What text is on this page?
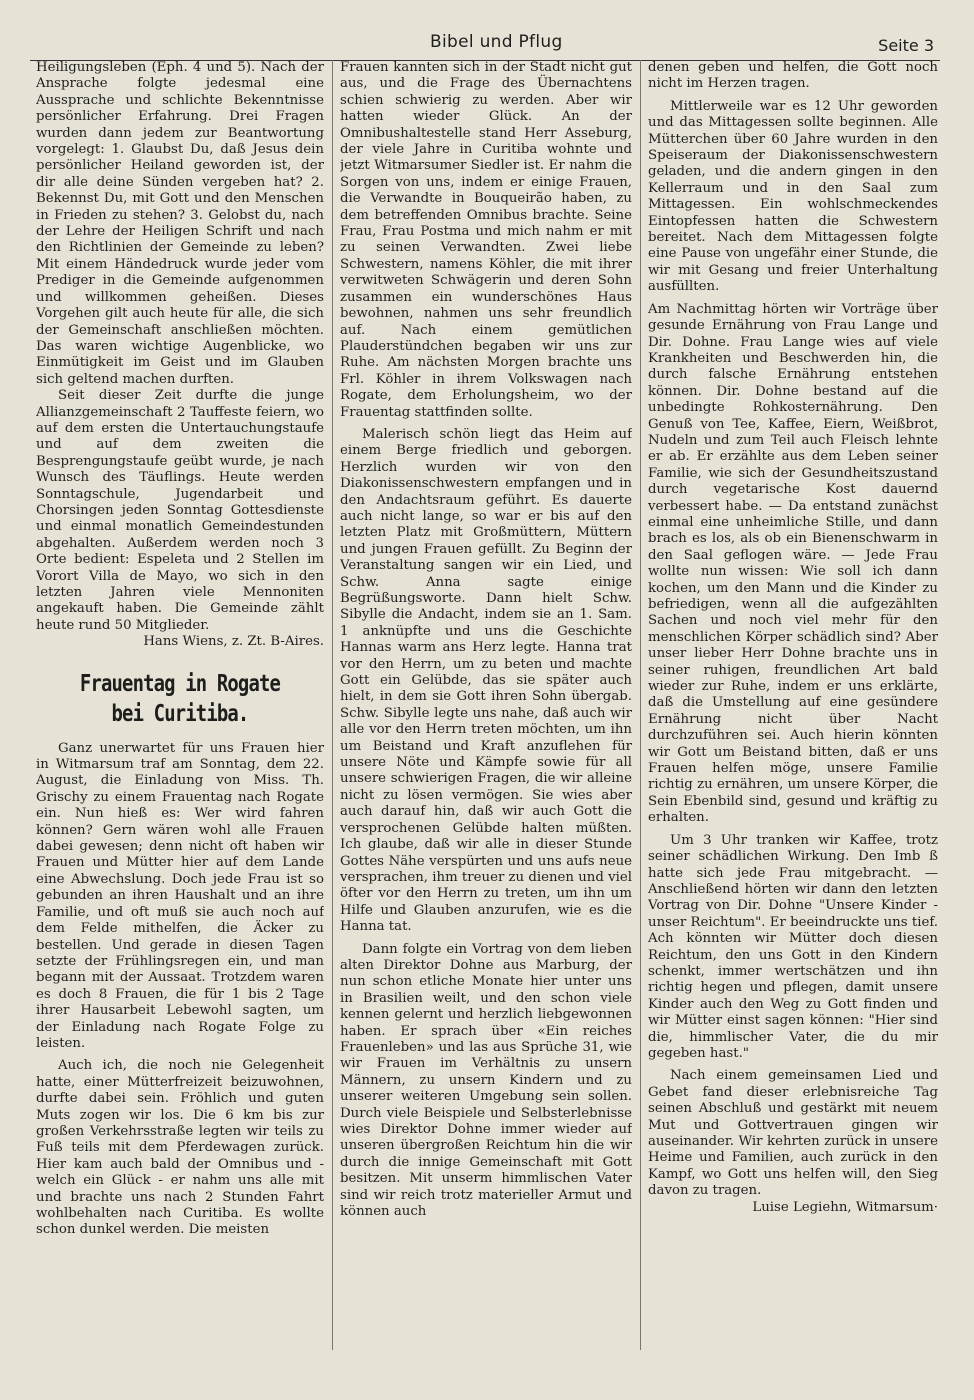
Bibel und Pflug	Seite 3

Heiligungsleben (Eph. 4 und 5). Nach der Ansprache folgte jedesmal eine Aussprache und schlichte Bekenntnisse persönlicher Erfahrung. Drei Fragen wurden dann jedem zur Beantwortung vorgelegt: 1. Glaubst Du, daß Jesus dein persönlicher Heiland geworden ist, der dir alle deine Sünden vergeben hat? 2. Bekennst Du, mit Gott und den Menschen in Frieden zu stehen? 3. Gelobst du, nach der Lehre der Heiligen Schrift und nach den Richtlinien der Gemeinde zu leben? Mit einem Händedruck wurde jeder vom Prediger in die Gemeinde aufgenommen und willkommen geheißen. Dieses Vorgehen gilt auch heute für alle, die sich der Gemeinschaft anschließen möchten. Das waren wichtige Augenblicke, wo Einmütigkeit im Geist und im Glauben sich geltend machen durften.

Seit dieser Zeit durfte die junge Allianzgemeinschaft 2 Tauffeste feiern, wo auf dem ersten die Untertauchungstaufe und auf dem zweiten die Besprengungstaufe geübt wurde, je nach Wunsch des Täuflings. Heute werden Sonntagschule, Jugendarbeit und Chorsingen jeden Sonntag Gottesdienste und einmal monatlich Gemeindestunden abgehalten. Außerdem werden noch 3 Orte bedient: Espeleta und 2 Stellen im Vorort Villa de Mayo, wo sich in den letzten Jahren viele Mennoniten angekauft haben. Die Gemeinde zählt heute rund 50 Mitglieder.

Hans Wiens, z. Zt. B-Aires.

Frauentag in Rogate bei Curitiba.

Ganz unerwartet für uns Frauen hier in Witmarsum traf am Sonntag, dem 22. August, die Einladung von Miss. Th. Grischy zu einem Frauentag nach Rogate ein. Nun hieß es: Wer wird fahren können? Gern wären wohl alle Frauen dabei gewesen; denn nicht oft haben wir Frauen und Mütter hier auf dem Lande eine Abwechslung. Doch jede Frau ist so gebunden an ihren Haushalt und an ihre Familie, und oft muß sie auch noch auf dem Felde mithelfen, die Äcker zu bestellen. Und gerade in diesen Tagen setzte der Frühlingsregen ein, und man begann mit der Aussaat. Trotzdem waren es doch 8 Frauen, die für 1 bis 2 Tage ihrer Hausarbeit Lebewohl sagten, um der Einladung nach Rogate Folge zu leisten.

Auch ich, die noch nie Gelegenheit hatte, einer Mütterfreizeit beizuwohnen, durfte dabei sein. Fröhlich und guten Muts zogen wir los. Die 6 km bis zur großen Verkehrsstraße legten wir teils zu Fuß teils mit dem Pferdewagen zurück. Hier kam auch bald der Omnibus und - welch ein Glück - er nahm uns alle mit und brachte uns nach 2 Stunden Fahrt wohlbehalten nach Curitiba. Es wollte schon dunkel werden. Die meisten

Frauen kannten sich in der Stadt nicht gut aus, und die Frage des Übernachtens schien schwierig zu werden. Aber wir hatten wieder Glück. An der Omnibushaltestelle stand Herr Asseburg, der viele Jahre in Curitiba wohnte und jetzt Witmarsumer Siedler ist. Er nahm die Sorgen von uns, indem er einige Frauen, die Verwandte in Bouqueirão haben, zu dem betreffenden Omnibus brachte. Seine Frau, Frau Postma und mich nahm er mit zu seinen Verwandten. Zwei liebe Schwestern, namens Köhler, die mit ihrer verwitweten Schwägerin und deren Sohn zusammen ein wunderschönes Haus bewohnen, nahmen uns sehr freundlich auf. Nach einem gemütlichen Plauderstündchen begaben wir uns zur Ruhe. Am nächsten Morgen brachte uns Frl. Köhler in ihrem Volkswagen nach Rogate, dem Erholungsheim, wo der Frauentag stattfinden sollte.

Malerisch schön liegt das Heim auf einem Berge friedlich und geborgen. Herzlich wurden wir von den Diakonissenschwestern empfangen und in den Andachtsraum geführt. Es dauerte auch nicht lange, so war er bis auf den letzten Platz mit Großmüttern, Müttern und jungen Frauen gefüllt. Zu Beginn der Veranstaltung sangen wir ein Lied, und Schw. Anna sagte einige Begrüßungsworte. Dann hielt Schw. Sibylle die Andacht, indem sie an 1. Sam. 1 anknüpfte und uns die Geschichte Hannas warm ans Herz legte. Hanna trat vor den Herrn, um zu beten und machte Gott ein Gelübde, das sie später auch hielt, in dem sie Gott ihren Sohn übergab. Schw. Sibylle legte uns nahe, daß auch wir alle vor den Herrn treten möchten, um ihn um Beistand und Kraft anzuflehen für unsere Nöte und Kämpfe sowie für all unsere schwierigen Fragen, die wir alleine nicht zu lösen vermögen. Sie wies aber auch darauf hin, daß wir auch Gott die versprochenen Gelübde halten müßten. Ich glaube, daß wir alle in dieser Stunde Gottes Nähe verspürten und uns aufs neue versprachen, ihm treuer zu dienen und viel öfter vor den Herrn zu treten, um ihn um Hilfe und Glauben anzurufen, wie es die Hanna tat.

Dann folgte ein Vortrag von dem lieben alten Direktor Dohne aus Marburg, der nun schon etliche Monate hier unter uns in Brasilien weilt, und den schon viele kennen gelernt und herzlich liebgewonnen haben. Er sprach über «Ein reiches Frauenleben» und las aus Sprüche 31, wie wir Frauen im Verhältnis zu unsern Männern, zu unsern Kindern und zu unserer weiteren Umgebung sein sollen. Durch viele Beispiele und Selbsterlebnisse wies Direktor Dohne immer wieder auf unseren übergroßen Reichtum hin die wir durch die innige Gemeinschaft mit Gott besitzen. Mit unserm himmlischen Vater sind wir reich trotz materieller Armut und können auch

denen geben und helfen, die Gott noch nicht im Herzen tragen.

Mittlerweile war es 12 Uhr geworden und das Mittagessen sollte beginnen. Alle Mütterchen über 60 Jahre wurden in den Speiseraum der Diakonissenschwestern geladen, und die andern gingen in den Kellerraum und in den Saal zum Mittagessen. Ein wohlschmeckendes Eintopfessen hatten die Schwestern bereitet. Nach dem Mittagessen folgte eine Pause von ungefähr einer Stunde, die wir mit Gesang und freier Unterhaltung ausfüllten.

Am Nachmittag hörten wir Vorträge über gesunde Ernährung von Frau Lange und Dir. Dohne. Frau Lange wies auf viele Krankheiten und Beschwerden hin, die durch falsche Ernährung entstehen können. Dir. Dohne bestand auf die unbedingte Rohkosternährung. Den Genuß von Tee, Kaffee, Eiern, Weißbrot, Nudeln und zum Teil auch Fleisch lehnte er ab. Er erzählte aus dem Leben seiner Familie, wie sich der Gesundheitszustand durch vegetarische Kost dauernd verbessert habe. — Da entstand zunächst einmal eine unheimliche Stille, und dann brach es los, als ob ein Bienenschwarm in den Saal geflogen wäre. — Jede Frau wollte nun wissen: Wie soll ich dann kochen, um den Mann und die Kinder zu befriedigen, wenn all die aufgezählten Sachen und noch viel mehr für den menschlichen Körper schädlich sind? Aber unser lieber Herr Dohne brachte uns in seiner ruhigen, freundlichen Art bald wieder zur Ruhe, indem er uns erklärte, daß die Umstellung auf eine gesündere Ernährung nicht über Nacht durchzuführen sei. Auch hierin könnten wir Gott um Beistand bitten, daß er uns Frauen helfen möge, unsere Familie richtig zu ernähren, um unsere Körper, die Sein Ebenbild sind, gesund und kräftig zu erhalten.

Um 3 Uhr tranken wir Kaffee, trotz seiner schädlichen Wirkung. Den Imb ß hatte sich jede Frau mitgebracht. — Anschließend hörten wir dann den letzten Vortrag von Dir. Dohne "Unsere Kinder - unser Reichtum". Er beeindruckte uns tief. Ach könnten wir Mütter doch diesen Reichtum, den uns Gott in den Kindern schenkt, immer wertschätzen und ihn richtig hegen und pflegen, damit unsere Kinder auch den Weg zu Gott finden und wir Mütter einst sagen können: "Hier sind die, himmlischer Vater, die du mir gegeben hast."

Nach einem gemeinsamen Lied und Gebet fand dieser erlebnisreiche Tag seinen Abschluß und gestärkt mit neuem Mut und Gottvertrauen gingen wir auseinander. Wir kehrten zurück in unsere Heime und Familien, auch zurück in den Kampf, wo Gott uns helfen will, den Sieg davon zu tragen.

Luise Legiehn, Witmarsum·
